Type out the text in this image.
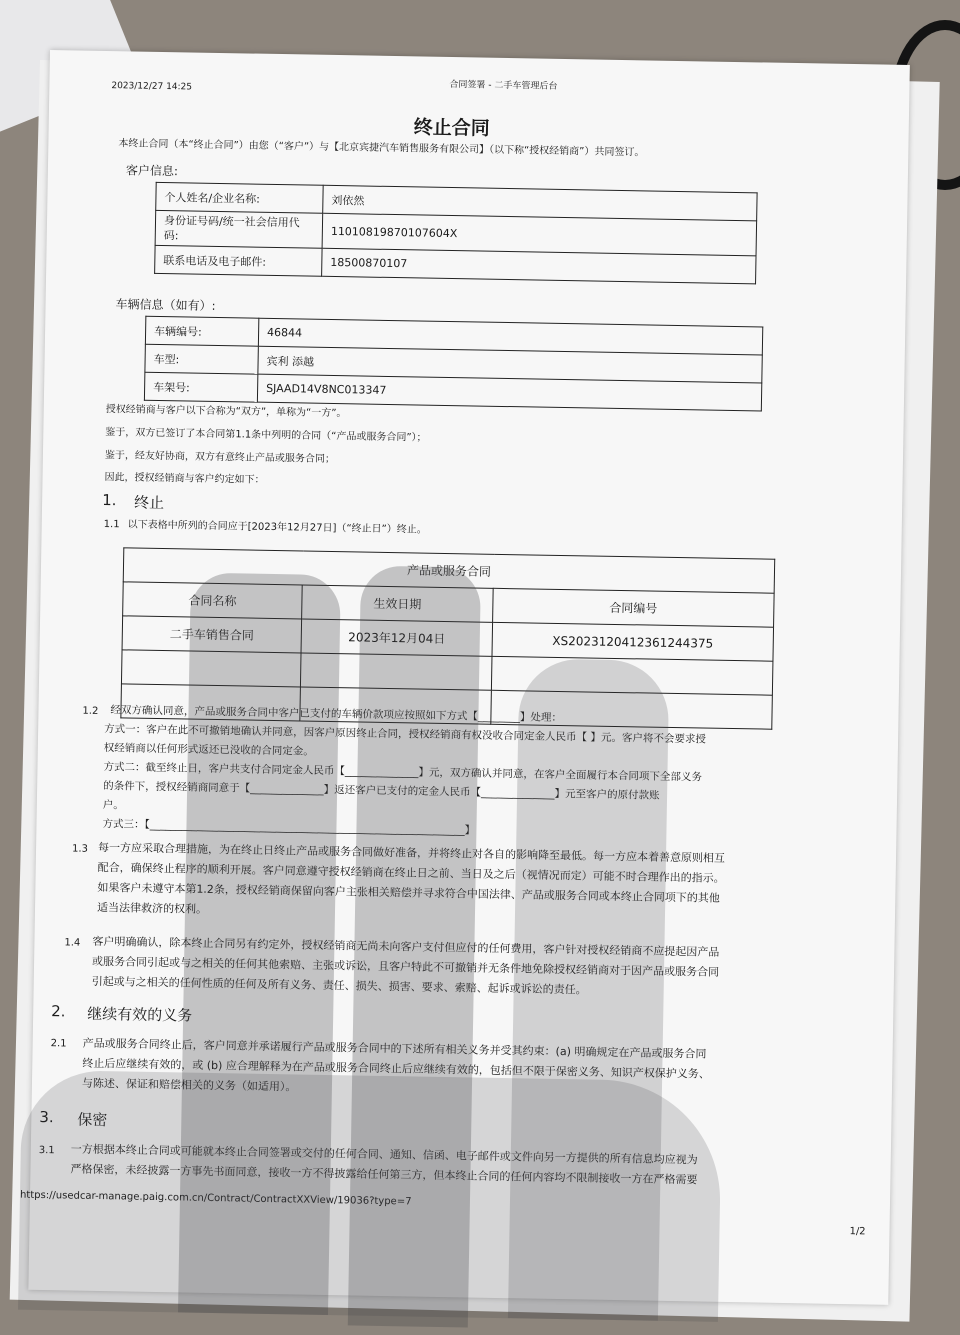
2023/12/27 14:25	合同签署 - 二手车管理后台
终止合同
本终止合同（本“终止合同”）由您（“客户”）与【北京宾捷汽车销售服务有限公司】（以下称“授权经销商”）共同签订。
客户信息:
个人姓名/企业名称:	刘依然
身份证号码/统一社会信用代码:	11010819870107604X
联系电话及电子邮件:	18500870107
车辆信息（如有）:
车辆编号:	46844
车型:	宾利 添越
车架号:	SJAAD14V8NC013347
授权经销商与客户以下合称为“双方”，单称为“一方”。
鉴于，双方已签订了本合同第1.1条中列明的合同（“产品或服务合同”）；
鉴于，经友好协商，双方有意终止产品或服务合同；
因此，授权经销商与客户约定如下：
1. 终止
1.1 以下表格中所列的合同应于[2023年12月27日]（“终止日”）终止。
产品或服务合同		
合同名称	生效日期	合同编号
二手车销售合同	2023年12月04日	XS2023120412361244375

1.2 经双方确认同意，产品或服务合同中客户已支付的车辆价款项应按照如下方式【________】处理：
方式一：客户在此不可撤销地确认并同意，因客户原因终止合同，授权经销商有权没收合同定金人民币【 】元。客户将不会要求授
权经销商以任何形式返还已没收的合同定金。
方式二：截至终止日，客户共支付合同定金人民币【______________】元，双方确认并同意，在客户全面履行本合同项下全部义务
的条件下，授权经销商同意于【______________】返还客户已支付的定金人民币【______________】元至客户的原付款账
户。
方式三：【____________________________________________________________】
1.3 每一方应采取合理措施，为在终止日终止产品或服务合同做好准备，并将终止对各自的影响降至最低。每一方应本着善意原则相互
配合，确保终止程序的顺利开展。客户同意遵守授权经销商在终止日之前、当日及之后（视情况而定）可能不时合理作出的指示。
如果客户未遵守本第1.2条，授权经销商保留向客户主张相关赔偿并寻求符合中国法律、产品或服务合同或本终止合同项下的其他
适当法律救济的权利。
1.4 客户明确确认，除本终止合同另有约定外，授权经销商无尚未向客户支付但应付的任何费用，客户针对授权经销商不应提起因产品
或服务合同引起或与之相关的任何其他索赔、主张或诉讼，且客户特此不可撤销并无条件地免除授权经销商对于因产品或服务合同
引起或与之相关的任何性质的任何及所有义务、责任、损失、损害、要求、索赔、起诉或诉讼的责任。
2. 继续有效的义务
2.1 产品或服务合同终止后，客户同意并承诺履行产品或服务合同中的下述所有相关义务并受其约束：(a) 明确规定在产品或服务合同
终止后应继续有效的，或 (b) 应合理解释为在产品或服务合同终止后应继续有效的，包括但不限于保密义务、知识产权保护义务、
与陈述、保证和赔偿相关的义务（如适用）。
3. 保密
3.1 一方根据本终止合同或可能就本终止合同签署或交付的任何合同、通知、信函、电子邮件或文件向另一方提供的所有信息均应视为
严格保密，未经披露一方事先书面同意，接收一方不得披露给任何第三方，但本终止合同的任何内容均不限制接收一方在严格需要
https://usedcar-manage.paig.com.cn/Contract/ContractXXView/19036?type=7
1/2
